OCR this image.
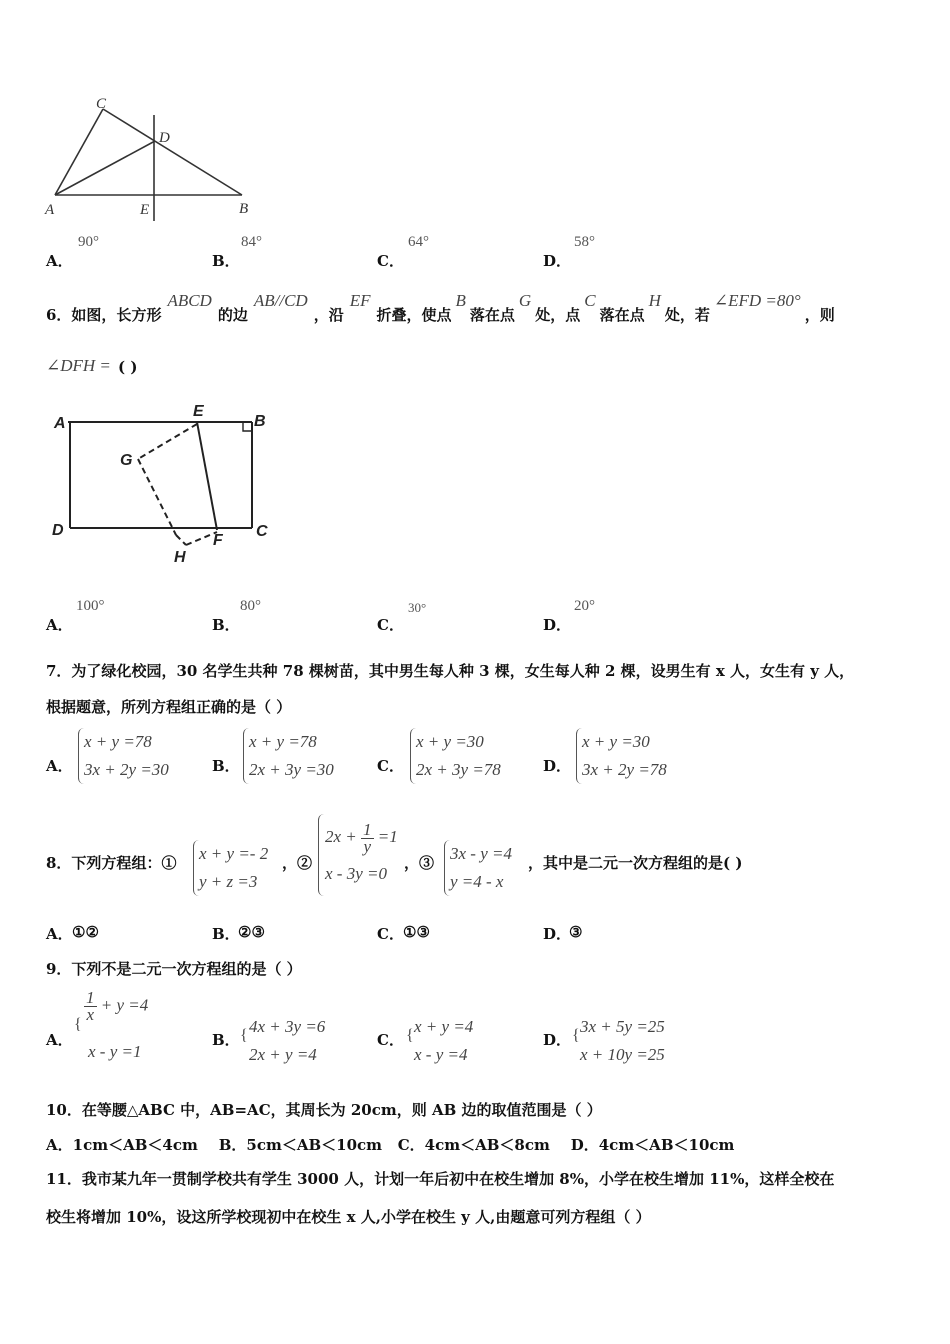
C
D
A	E	B
A．
90°
B．
84°
C．
64°
D．
58°
6．如图，长方形ABCD的边AB//CD，沿EF折叠，使点B落在点G处，点C落在点H处，若∠EFD =80°，则
∠DFH = ( )
A
E
B
G
D	C
H
F
A．
100°
B．
80°
C．
30°
D．
20°
7．为了绿化校园，30 名学生共种 78 棵树苗，其中男生每人种 3 棵，女生每人种 2 棵，设男生有 x 人，女生有 y 人，
根据题意，所列方程组正确的是（ ）
A．
x + y =78
3x + 2y =30	B．
x + y =78
2x + 3y =30	C．
x + y =30
2x + 3y =78	D．
x + y =30
3x + 2y =78
8．下列方程组：① x + y =- 2
y + z =3
，②
$2x + \frac{1}{y} =1$
x - 3y =0
，③ 3x - y =4
y =4 - x
，其中是二元一次方程组的是( )
A． ①②	B．
②③	C． ①③	D．
③
9．下列不是二元一次方程组的是（ ）
A．
{
$\frac{1}{x} + y =4$
x - y =1
B． { 4x + 3y =6
2x + y =4
C． { x + y =4
x - y =4
D． { 3x + 5y =25
x + 10y =25
10．在等腰△ABC 中，AB=AC，其周长为 20cm，则 AB 边的取值范围是（ ）
A．1cm＜AB＜4cm    B．5cm＜AB＜10cm   C．4cm＜AB＜8cm    D．4cm＜AB＜10cm
11．我市某九年一贯制学校共有学生 3000 人，计划一年后初中在校生增加 8%，小学在校生增加 11%，这样全校在
校生将增加 10%，设这所学校现初中在校生 x 人,小学在校生 y 人,由题意可列方程组（ ）
